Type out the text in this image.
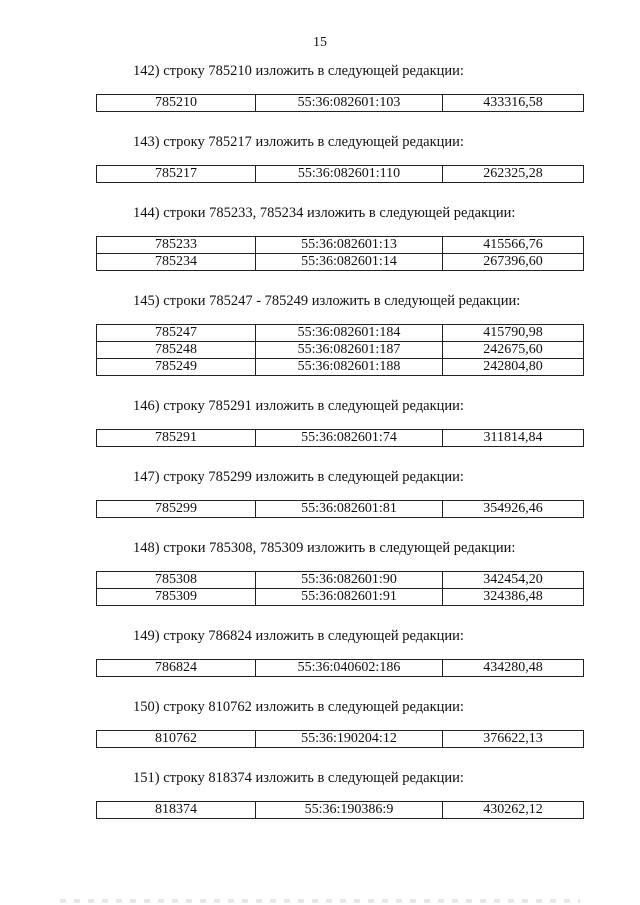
15
142) строку 785210 изложить в следующей редакции:
785210	55:36:082601:103	433316,58
143) строку 785217 изложить в следующей редакции:
785217	55:36:082601:110	262325,28
144) строки 785233, 785234 изложить в следующей редакции:
785233	55:36:082601:13	415566,76
785234	55:36:082601:14	267396,60
145) строки 785247 - 785249 изложить в следующей редакции:
785247	55:36:082601:184	415790,98
785248	55:36:082601:187	242675,60
785249	55:36:082601:188	242804,80
146) строку 785291 изложить в следующей редакции:
785291	55:36:082601:74	311814,84
147) строку 785299 изложить в следующей редакции:
785299	55:36:082601:81	354926,46
148) строки 785308, 785309 изложить в следующей редакции:
785308	55:36:082601:90	342454,20
785309	55:36:082601:91	324386,48
149) строку 786824 изложить в следующей редакции:
786824	55:36:040602:186	434280,48
150) строку 810762 изложить в следующей редакции:
810762	55:36:190204:12	376622,13
151) строку 818374 изложить в следующей редакции:
818374	55:36:190386:9	430262,12
